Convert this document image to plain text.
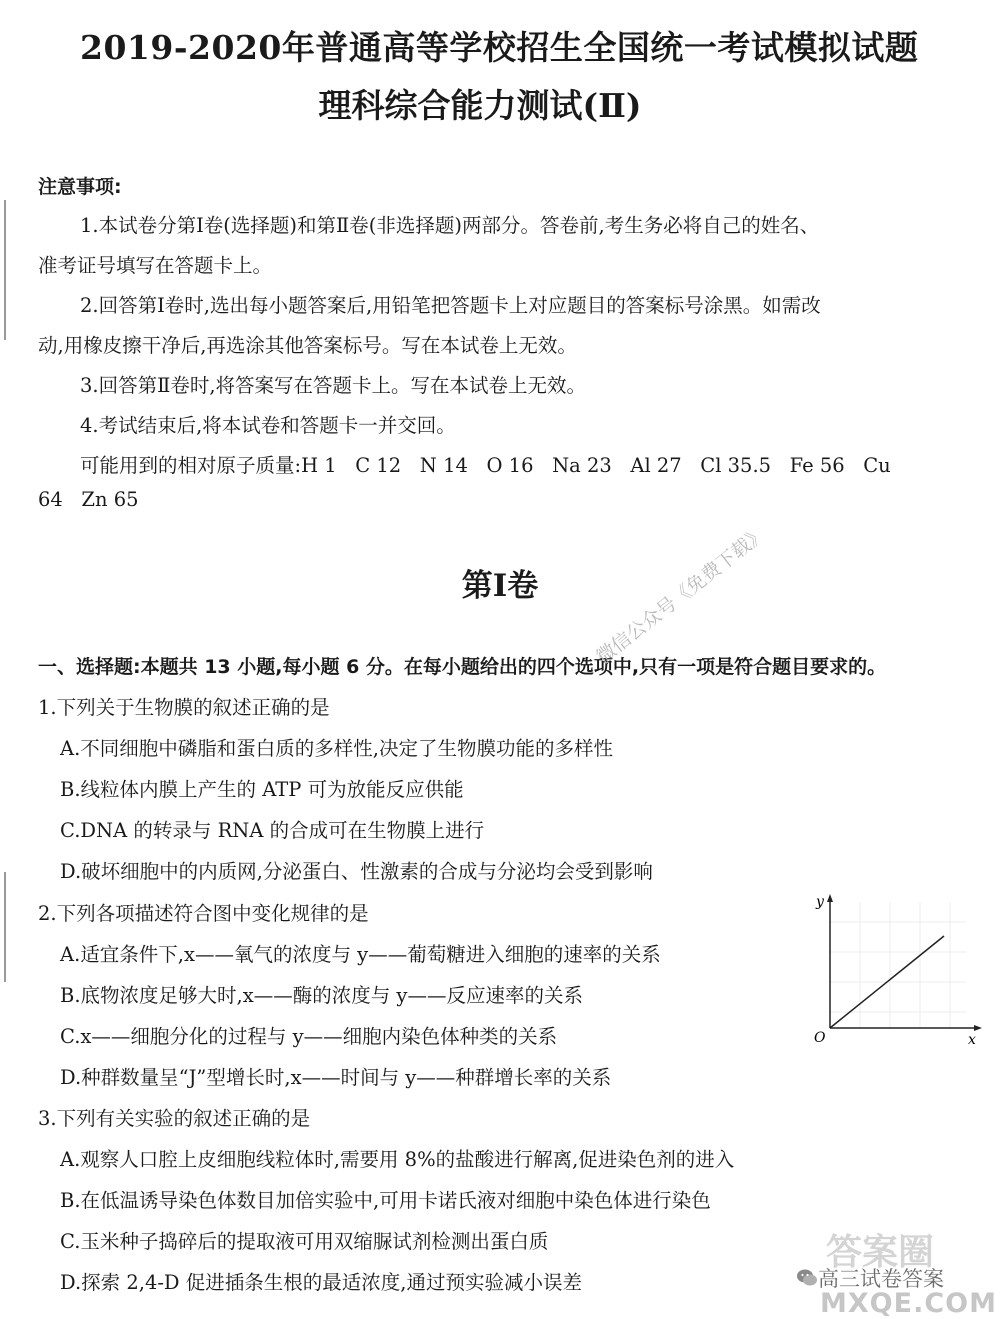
2019-2020年普通高等学校招生全国统一考试模拟试题
理科综合能力测试(Ⅱ)
注意事项:
1.本试卷分第Ⅰ卷(选择题)和第Ⅱ卷(非选择题)两部分。答卷前,考生务必将自己的姓名、
准考证号填写在答题卡上。
2.回答第Ⅰ卷时,选出每小题答案后,用铅笔把答题卡上对应题目的答案标号涂黑。如需改
动,用橡皮擦干净后,再选涂其他答案标号。写在本试卷上无效。
3.回答第Ⅱ卷时,将答案写在答题卡上。写在本试卷上无效。
4.考试结束后,将本试卷和答题卡一并交回。
可能用到的相对原子质量:H 1   C 12   N 14   O 16   Na 23   Al 27   Cl 35.5   Fe 56   Cu
64   Zn 65
第Ⅰ卷
一、选择题:本题共 13 小题,每小题 6 分。在每小题给出的四个选项中,只有一项是符合题目要求的。
1.下列关于生物膜的叙述正确的是
A.不同细胞中磷脂和蛋白质的多样性,决定了生物膜功能的多样性
B.线粒体内膜上产生的 ATP 可为放能反应供能
C.DNA 的转录与 RNA 的合成可在生物膜上进行
D.破坏细胞中的内质网,分泌蛋白、性激素的合成与分泌均会受到影响
2.下列各项描述符合图中变化规律的是
A.适宜条件下,x——氧气的浓度与 y——葡萄糖进入细胞的速率的关系
B.底物浓度足够大时,x——酶的浓度与 y——反应速率的关系
C.x——细胞分化的过程与 y——细胞内染色体种类的关系
D.种群数量呈“J”型增长时,x——时间与 y——种群增长率的关系
3.下列有关实验的叙述正确的是
A.观察人口腔上皮细胞线粒体时,需要用 8%的盐酸进行解离,促进染色剂的进入
B.在低温诱导染色体数目加倍实验中,可用卡诺氏液对细胞中染色体进行染色
C.玉米种子捣碎后的提取液可用双缩脲试剂检测出蛋白质
D.探索 2,4-D 促进插条生根的最适浓度,通过预实验减小误差
y
O	x
微信公众号《免费下载》
答案圈
高三试卷答案
MXQE.COM
